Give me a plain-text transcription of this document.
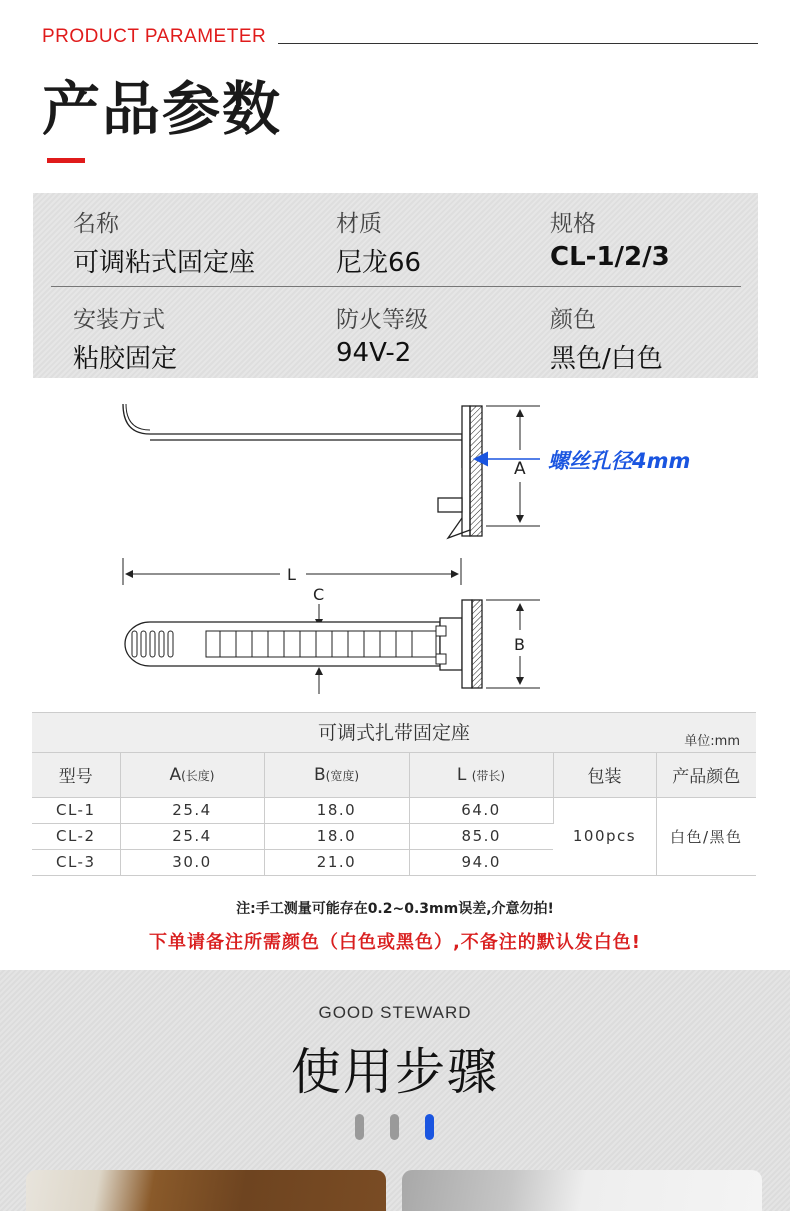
PRODUCT PARAMETER
产品参数
名称
可调粘式固定座
材质
尼龙66
规格
CL-1/2/3
安装方式
粘胶固定
防火等级
94V-2
颜色
黑色/白色
A 螺丝孔径4mm
L
C
B
可调式扎带固定座	单位:mm
型号	A(长度)	B(宽度)	L (带长)	包装	产品颜色
CL-1	25.4	18.0	64.0	100pcs	白色/黑色
CL-2	25.4	18.0	85.0		
CL-3	30.0	21.0	94.0		
注:手工测量可能存在0.2~0.3mm误差,介意勿拍!
下单请备注所需颜色（白色或黑色）,不备注的默认发白色!
GOOD STEWARD
使用步骤
